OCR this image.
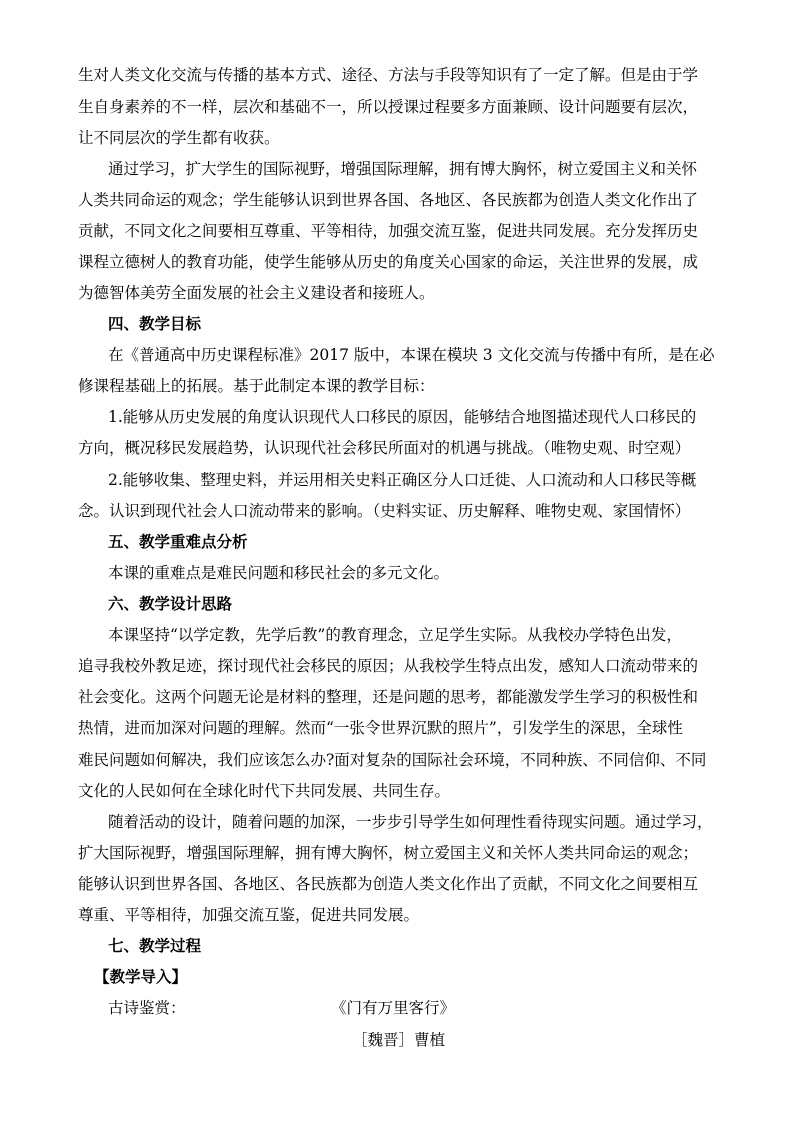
生对人类文化交流与传播的基本方式、途径、方法与手段等知识有了一定了解。但是由于学
生自身素养的不一样，层次和基础不一，所以授课过程要多方面兼顾、设计问题要有层次，
让不同层次的学生都有收获。
通过学习，扩大学生的国际视野，增强国际理解，拥有博大胸怀，树立爱国主义和关怀
人类共同命运的观念；学生能够认识到世界各国、各地区、各民族都为创造人类文化作出了
贡献，不同文化之间要相互尊重、平等相待，加强交流互鉴，促进共同发展。充分发挥历史
课程立德树人的教育功能，使学生能够从历史的角度关心国家的命运，关注世界的发展，成
为德智体美劳全面发展的社会主义建设者和接班人。
四、教学目标
在《普通高中历史课程标准》2017 版中，本课在模块 3 文化交流与传播中有所，是在必
修课程基础上的拓展。基于此制定本课的教学目标：
1.能够从历史发展的角度认识现代人口移民的原因，能够结合地图描述现代人口移民的
方向，概况移民发展趋势，认识现代社会移民所面对的机遇与挑战。（唯物史观、时空观）
2.能够收集、整理史料，并运用相关史料正确区分人口迁徙、人口流动和人口移民等概
念。认识到现代社会人口流动带来的影响。（史料实证、历史解释、唯物史观、家国情怀）
五、教学重难点分析
本课的重难点是难民问题和移民社会的多元文化。
六、教学设计思路
本课坚持“以学定教，先学后教”的教育理念，立足学生实际。从我校办学特色出发，
追寻我校外教足迹，探讨现代社会移民的原因；从我校学生特点出发，感知人口流动带来的
社会变化。这两个问题无论是材料的整理，还是问题的思考，都能激发学生学习的积极性和
热情，进而加深对问题的理解。然而“一张令世界沉默的照片”，引发学生的深思，全球性
难民问题如何解决，我们应该怎么办?面对复杂的国际社会环境，不同种族、不同信仰、不同
文化的人民如何在全球化时代下共同发展、共同生存。
随着活动的设计，随着问题的加深，一步步引导学生如何理性看待现实问题。通过学习，
扩大国际视野，增强国际理解，拥有博大胸怀，树立爱国主义和关怀人类共同命运的观念；
能够认识到世界各国、各地区、各民族都为创造人类文化作出了贡献，不同文化之间要相互
尊重、平等相待，加强交流互鉴，促进共同发展。
七、教学过程
【教学导入】
古诗鉴赏：	《门有万里客行》
［魏晋］曹植
